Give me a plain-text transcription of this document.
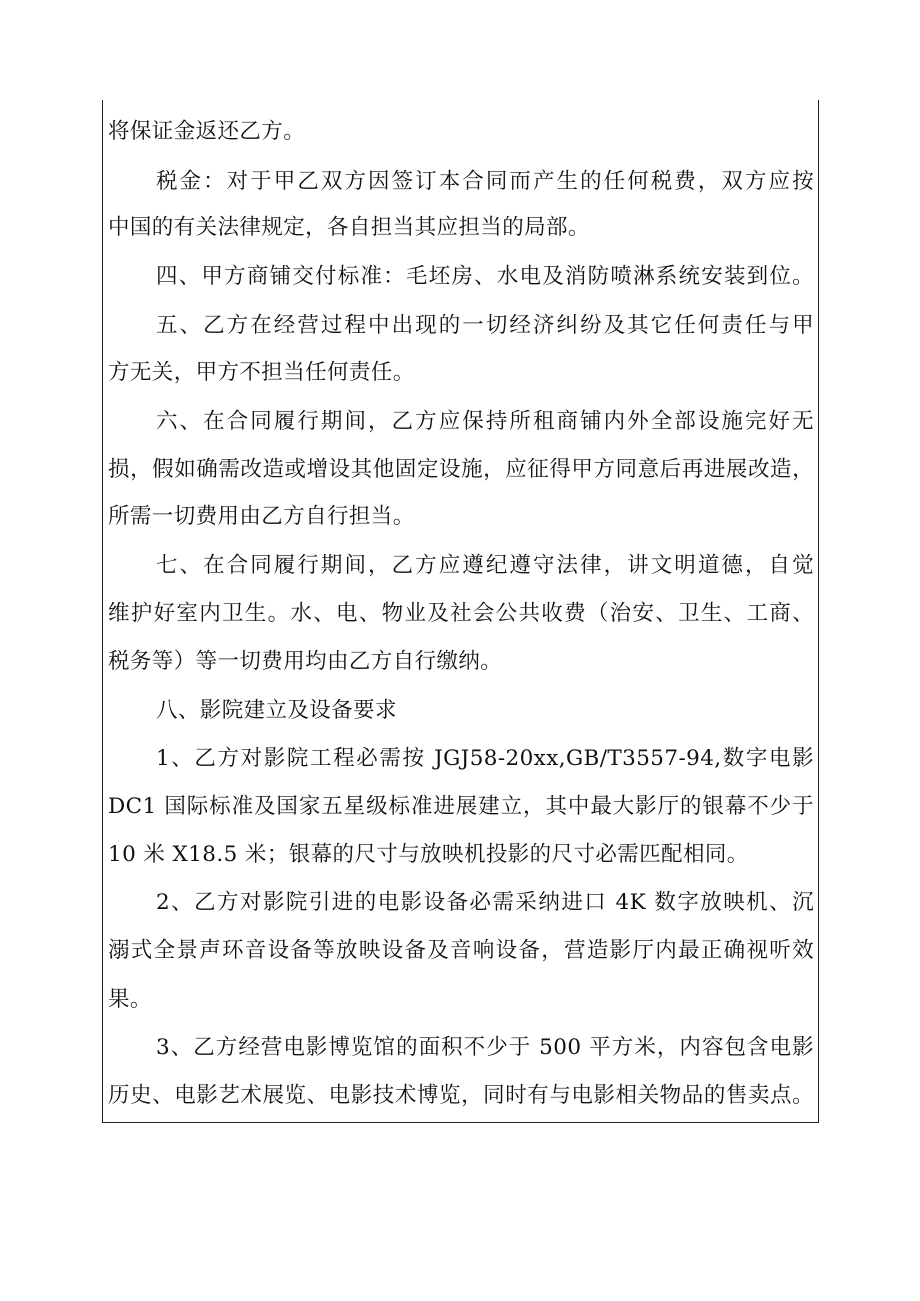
将保证金返还乙方。
税金：对于甲乙双方因签订本合同而产生的任何税费，双方应按
中国的有关法律规定，各自担当其应担当的局部。
四、甲方商铺交付标准：毛坯房、水电及消防喷淋系统安装到位。
五、乙方在经营过程中出现的一切经济纠纷及其它任何责任与甲
方无关，甲方不担当任何责任。
六、在合同履行期间，乙方应保持所租商铺内外全部设施完好无
损，假如确需改造或增设其他固定设施，应征得甲方同意后再进展改造，
所需一切费用由乙方自行担当。
七、在合同履行期间，乙方应遵纪遵守法律，讲文明道德，自觉
维护好室内卫生。水、电、物业及社会公共收费（治安、卫生、工商、
税务等）等一切费用均由乙方自行缴纳。
八、影院建立及设备要求
1、乙方对影院工程必需按 JGJ58-20xx,GB/T3557-94,数字电影
DC1 国际标准及国家五星级标准进展建立，其中最大影厅的银幕不少于
10 米 X18.5 米；银幕的尺寸与放映机投影的尺寸必需匹配相同。
2、乙方对影院引进的电影设备必需采纳进口 4K 数字放映机、沉
溺式全景声环音设备等放映设备及音响设备，营造影厅内最正确视听效
果。
3、乙方经营电影博览馆的面积不少于 500 平方米，内容包含电影
历史、电影艺术展览、电影技术博览，同时有与电影相关物品的售卖点。
